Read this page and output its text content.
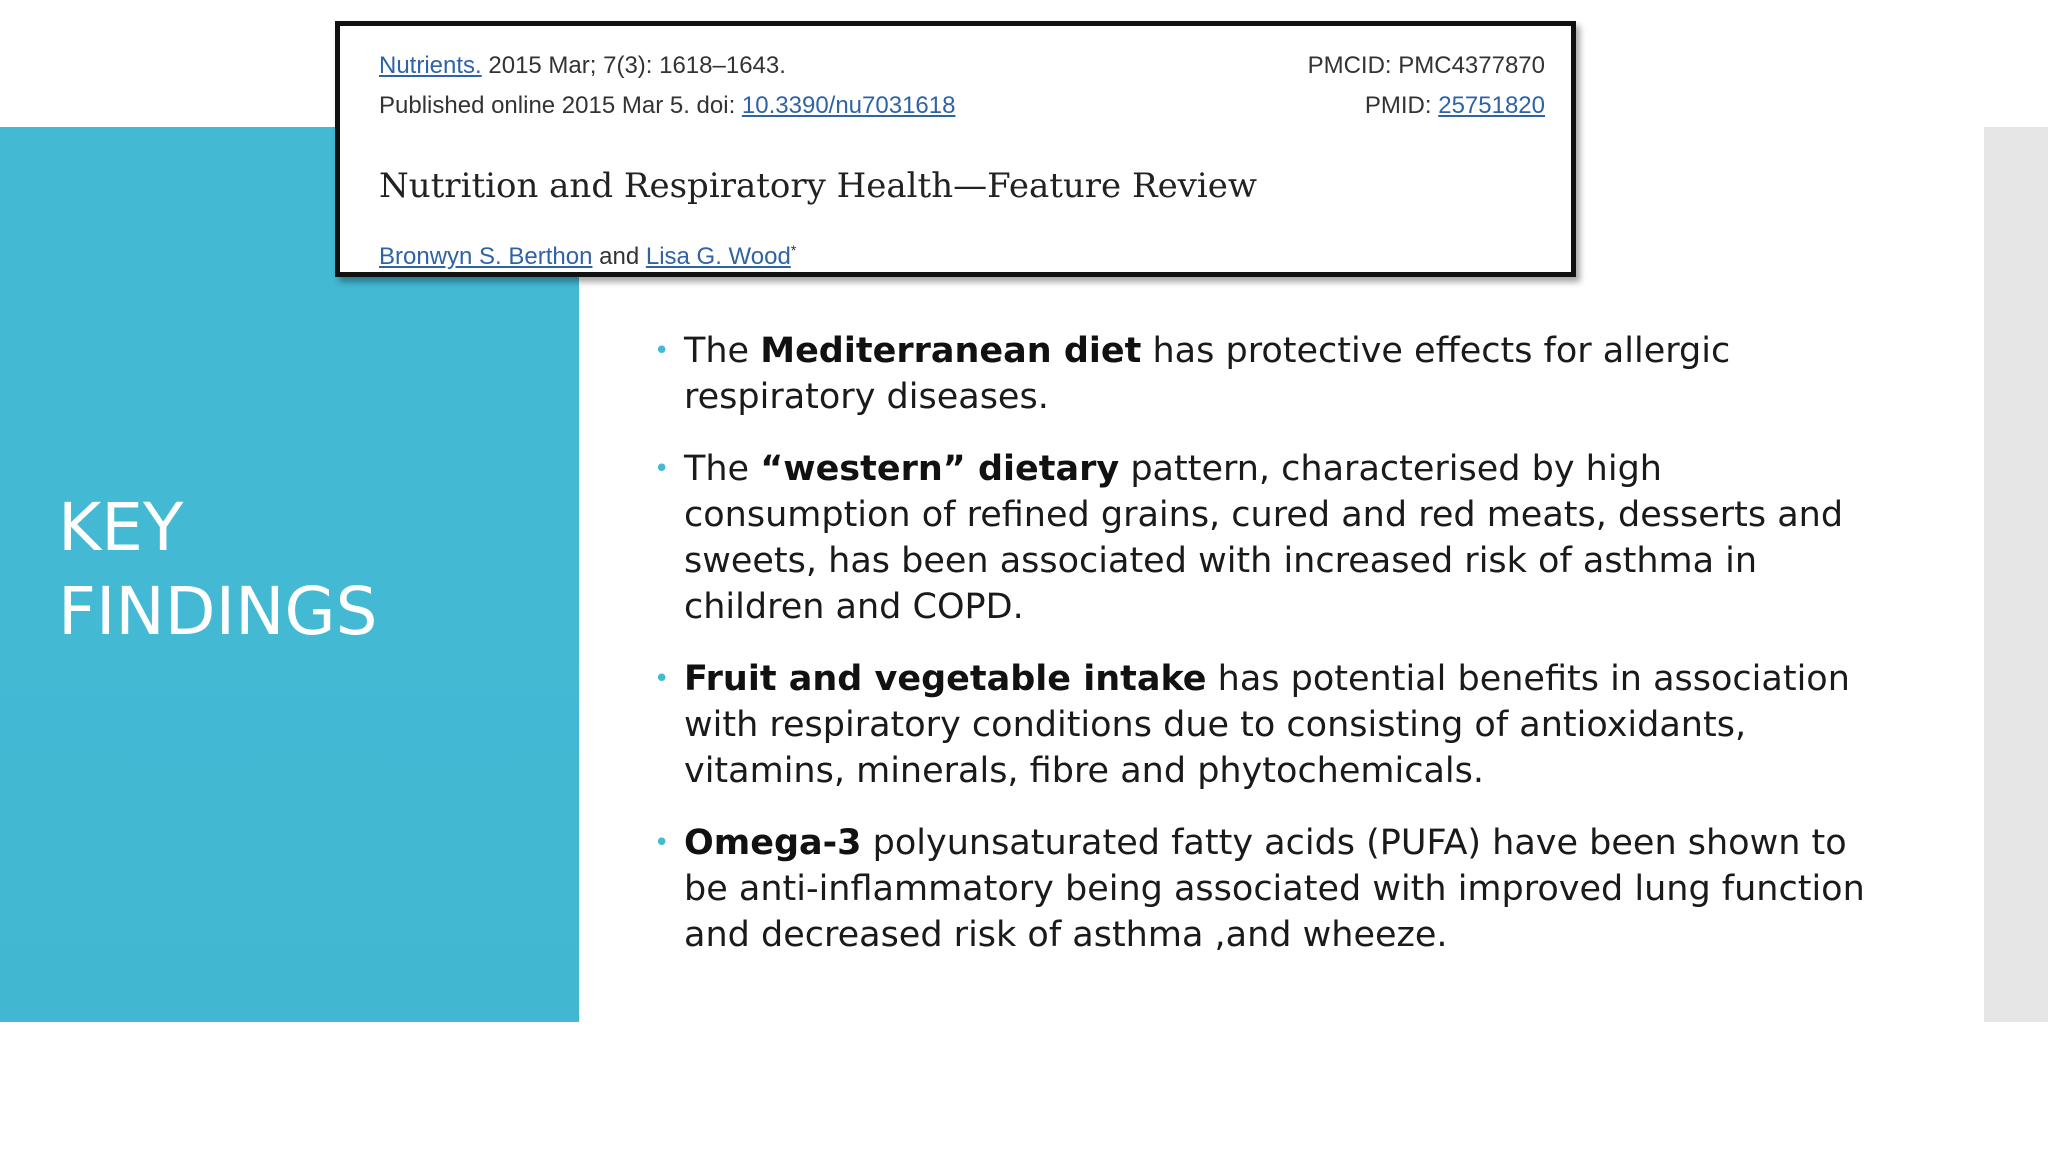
KEY
FINDINGS
Nutrients. 2015 Mar; 7(3): 1618–1643.
Published online 2015 Mar 5. doi: 10.3390/nu7031618
PMCID: PMC4377870
PMID: 25751820
Nutrition and Respiratory Health—Feature Review
Bronwyn S. Berthon and Lisa G. Wood*
• The Mediterranean diet has protective effects for allergic respiratory diseases.
• The “western” dietary pattern, characterised by high consumption of refined grains, cured and red meats, desserts and sweets, has been associated with increased risk of asthma in children and COPD.
• Fruit and vegetable intake has potential benefits in association with respiratory conditions due to consisting of antioxidants, vitamins, minerals, fibre and phytochemicals.
• Omega-3 polyunsaturated fatty acids (PUFA) have been shown to be anti-inflammatory being associated with improved lung function and decreased risk of asthma ,and wheeze.
